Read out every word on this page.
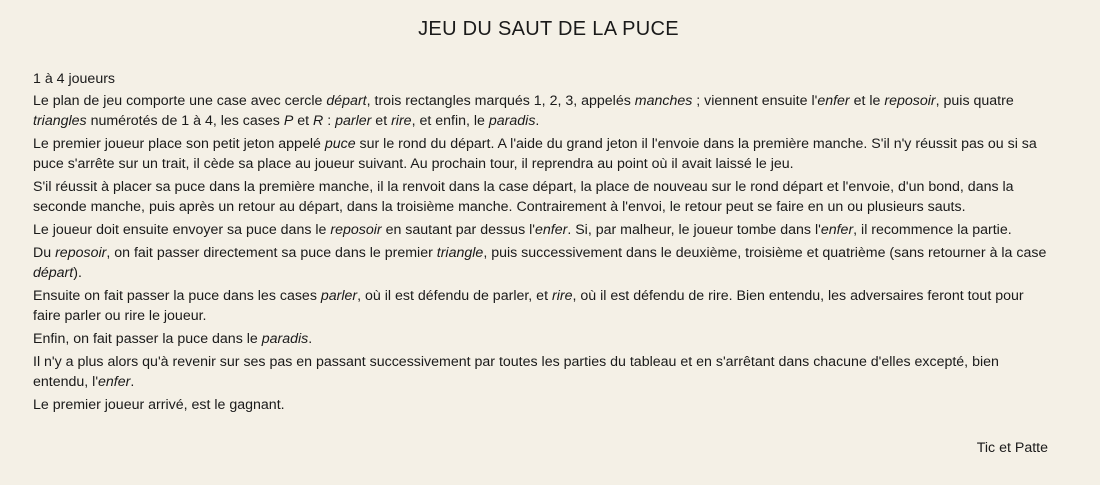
JEU DU SAUT DE LA PUCE
1 à 4 joueurs

Le plan de jeu comporte une case avec cercle départ, trois rectangles marqués 1, 2, 3, appelés manches ; viennent ensuite l'enfer et le reposoir, puis quatre triangles numérotés de 1 à 4, les cases P et R : parler et rire, et enfin, le paradis.

Le premier joueur place son petit jeton appelé puce sur le rond du départ. A l'aide du grand jeton il l'envoie dans la première manche. S'il n'y réussit pas ou si sa puce s'arrête sur un trait, il cède sa place au joueur suivant. Au prochain tour, il reprendra au point où il avait laissé le jeu.

S'il réussit à placer sa puce dans la première manche, il la renvoit dans la case départ, la place de nouveau sur le rond départ et l'envoie, d'un bond, dans la seconde manche, puis après un retour au départ, dans la troisième manche. Contrairement à l'envoi, le retour peut se faire en un ou plusieurs sauts.

Le joueur doit ensuite envoyer sa puce dans le reposoir en sautant par dessus l'enfer. Si, par malheur, le joueur tombe dans l'enfer, il recommence la partie.

Du reposoir, on fait passer directement sa puce dans le premier triangle, puis successivement dans le deuxième, troisième et quatrième (sans retourner à la case départ).

Ensuite on fait passer la puce dans les cases parler, où il est défendu de parler, et rire, où il est défendu de rire. Bien entendu, les adversaires feront tout pour faire parler ou rire le joueur.

Enfin, on fait passer la puce dans le paradis.

Il n'y a plus alors qu'à revenir sur ses pas en passant successivement par toutes les parties du tableau et en s'arrêtant dans chacune d'elles excepté, bien entendu, l'enfer.

Le premier joueur arrivé, est le gagnant.

Tic et Patte
